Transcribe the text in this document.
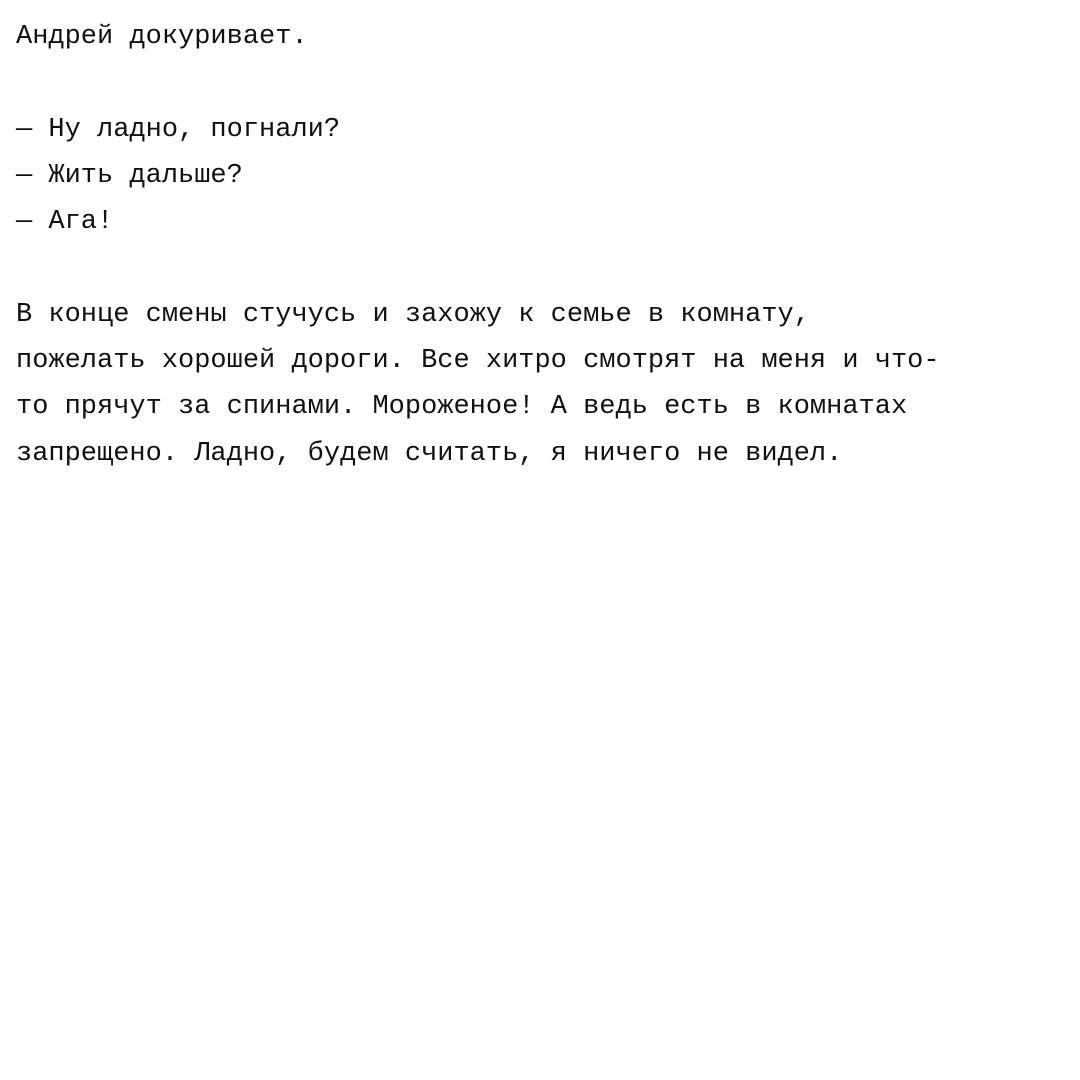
Андрей докуривает.
— Ну ладно, погнали?
— Жить дальше?
— Ага!
В конце смены стучусь и захожу к семье в комнату,
пожелать хорошей дороги. Все хитро смотрят на меня и что-
то прячут за спинами. Мороженое! А ведь есть в комнатах
запрещено. Ладно, будем считать, я ничего не видел.
